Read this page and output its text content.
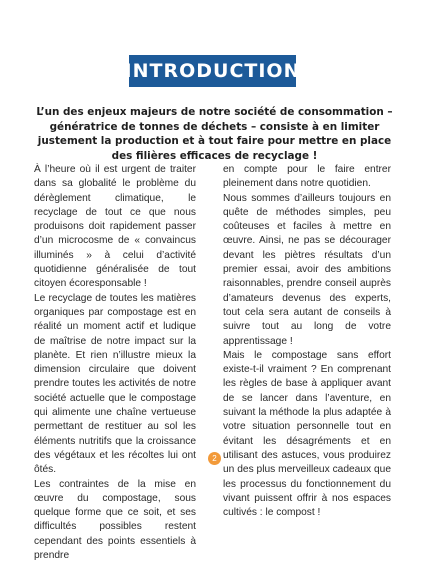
INTRODUCTION
L’un des enjeux majeurs de notre société de consommation – génératrice de tonnes de déchets – consiste à en limiter justement la production et à tout faire pour mettre en place des filières efficaces de recyclage !

À l’heure où il est urgent de traiter dans sa globalité le problème du dérèglement climatique, le recyclage de tout ce que nous produisons doit rapidement passer d’un microcosme de « convaincus illuminés » à celui d’activité quotidienne généralisée de tout citoyen écoresponsable !

Le recyclage de toutes les matières organiques par compostage est en réalité un moment actif et ludique de maîtrise de notre impact sur la planète. Et rien n’illustre mieux la dimension circulaire que doivent prendre toutes les activités de notre société actuelle que le compostage qui alimente une chaîne vertueuse permettant de restituer au sol les éléments nutritifs que la croissance des végétaux et les récoltes lui ont ôtés.

Les contraintes de la mise en œuvre du compostage, sous quelque forme que ce soit, et ses difficultés possibles restent cependant des points essentiels à prendre

en compte pour le faire entrer pleinement dans notre quotidien.

Nous sommes d’ailleurs toujours en quête de méthodes simples, peu coûteuses et faciles à mettre en œuvre. Ainsi, ne pas se décourager devant les piètres résultats d’un premier essai, avoir des ambitions raisonnables, prendre conseil auprès d’amateurs devenus des experts, tout cela sera autant de conseils à suivre tout au long de votre apprentissage !

Mais le compostage sans effort existe-t-il vraiment ? En comprenant les règles de base à appliquer avant de se lancer dans l’aventure, en suivant la méthode la plus adaptée à votre situation personnelle tout en évitant les désagréments et en utilisant des astuces, vous produirez un des plus merveilleux cadeaux que les processus du fonctionnement du vivant puissent offrir à nos espaces cultivés : le compost !

2
